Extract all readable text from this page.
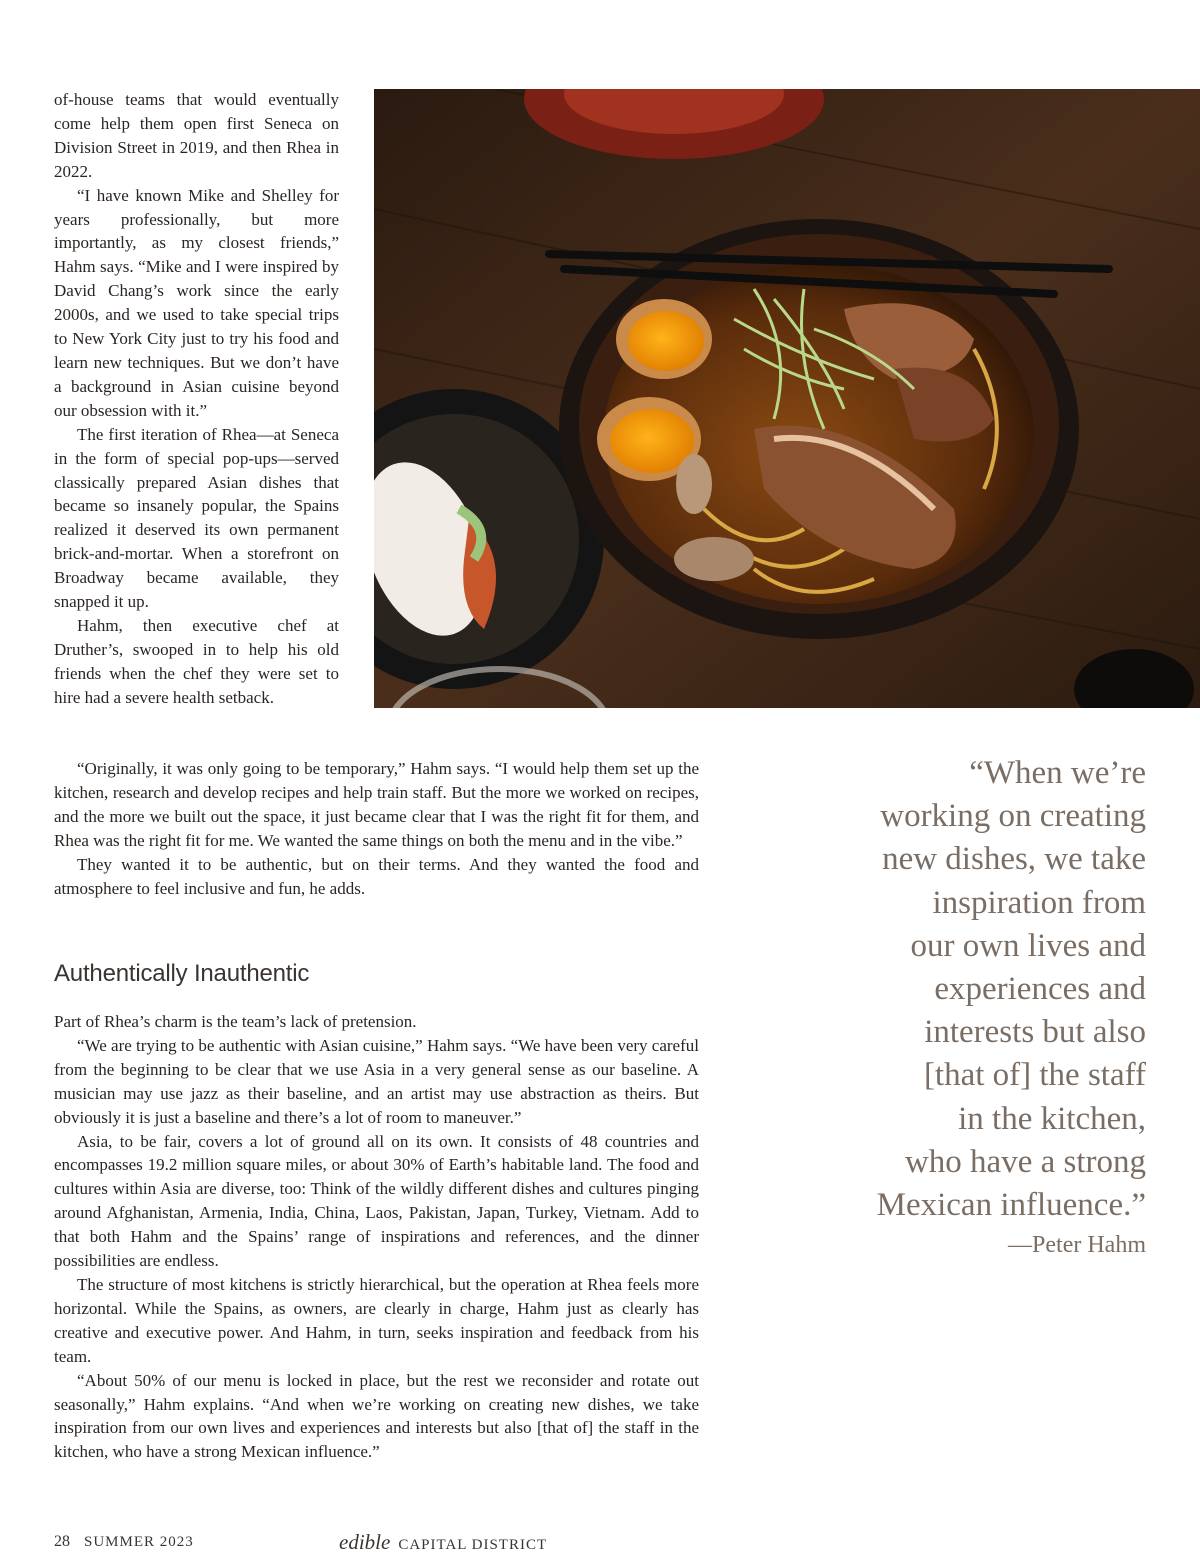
of-house teams that would eventually come help them open first Seneca on Division Street in 2019, and then Rhea in 2022.

“I have known Mike and Shelley for years professionally, but more importantly, as my closest friends,” Hahm says. “Mike and I were inspired by David Chang’s work since the early 2000s, and we used to take special trips to New York City just to try his food and learn new techniques. But we don’t have a background in Asian cuisine beyond our obsession with it.”

The first iteration of Rhea—at Seneca in the form of special pop-ups—served classically prepared Asian dishes that became so insanely popular, the Spains realized it deserved its own permanent brick-and-mortar. When a storefront on Broadway became available, they snapped it up.

Hahm, then executive chef at Druther’s, swooped in to help his old friends when the chef they were set to hire had a severe health setback.

“Originally, it was only going to be temporary,” Hahm says. “I would help them set up the kitchen, research and develop recipes and help train staff. But the more we worked on recipes, and the more we built out the space, it just became clear that I was the right fit for them, and Rhea was the right fit for me. We wanted the same things on both the menu and in the vibe.”

They wanted it to be authentic, but on their terms. And they wanted the food and atmosphere to feel inclusive and fun, he adds.

Authentically Inauthentic

Part of Rhea’s charm is the team’s lack of pretension.

“We are trying to be authentic with Asian cuisine,” Hahm says. “We have been very careful from the beginning to be clear that we use Asia in a very general sense as our baseline. A musician may use jazz as their baseline, and an artist may use abstraction as theirs. But obviously it is just a baseline and there’s a lot of room to maneuver.”

Asia, to be fair, covers a lot of ground all on its own. It consists of 48 countries and encompasses 19.2 million square miles, or about 30% of Earth’s habitable land. The food and cultures within Asia are diverse, too: Think of the wildly different dishes and cultures pinging around Afghanistan, Armenia, India, China, Laos, Pakistan, Japan, Turkey, Vietnam. Add to that both Hahm and the Spains’ range of inspirations and references, and the dinner possibilities are endless.

The structure of most kitchens is strictly hierarchical, but the operation at Rhea feels more horizontal. While the Spains, as owners, are clearly in charge, Hahm just as clearly has creative and executive power. And Hahm, in turn, seeks inspiration and feedback from his team.

“About 50% of our menu is locked in place, but the rest we reconsider and rotate out seasonally,” Hahm explains. “And when we’re working on creating new dishes, we take inspiration from our own lives and experiences and interests but also [that of] the staff in the kitchen, who have a strong Mexican influence.”

“When we’re
working on creating
new dishes, we take
inspiration from
our own lives and
experiences and
interests but also
[that of] the staff
in the kitchen,
who have a strong
Mexican influence.”
—Peter Hahm
28 SUMMER 2023	edible CAPITAL DISTRICT
